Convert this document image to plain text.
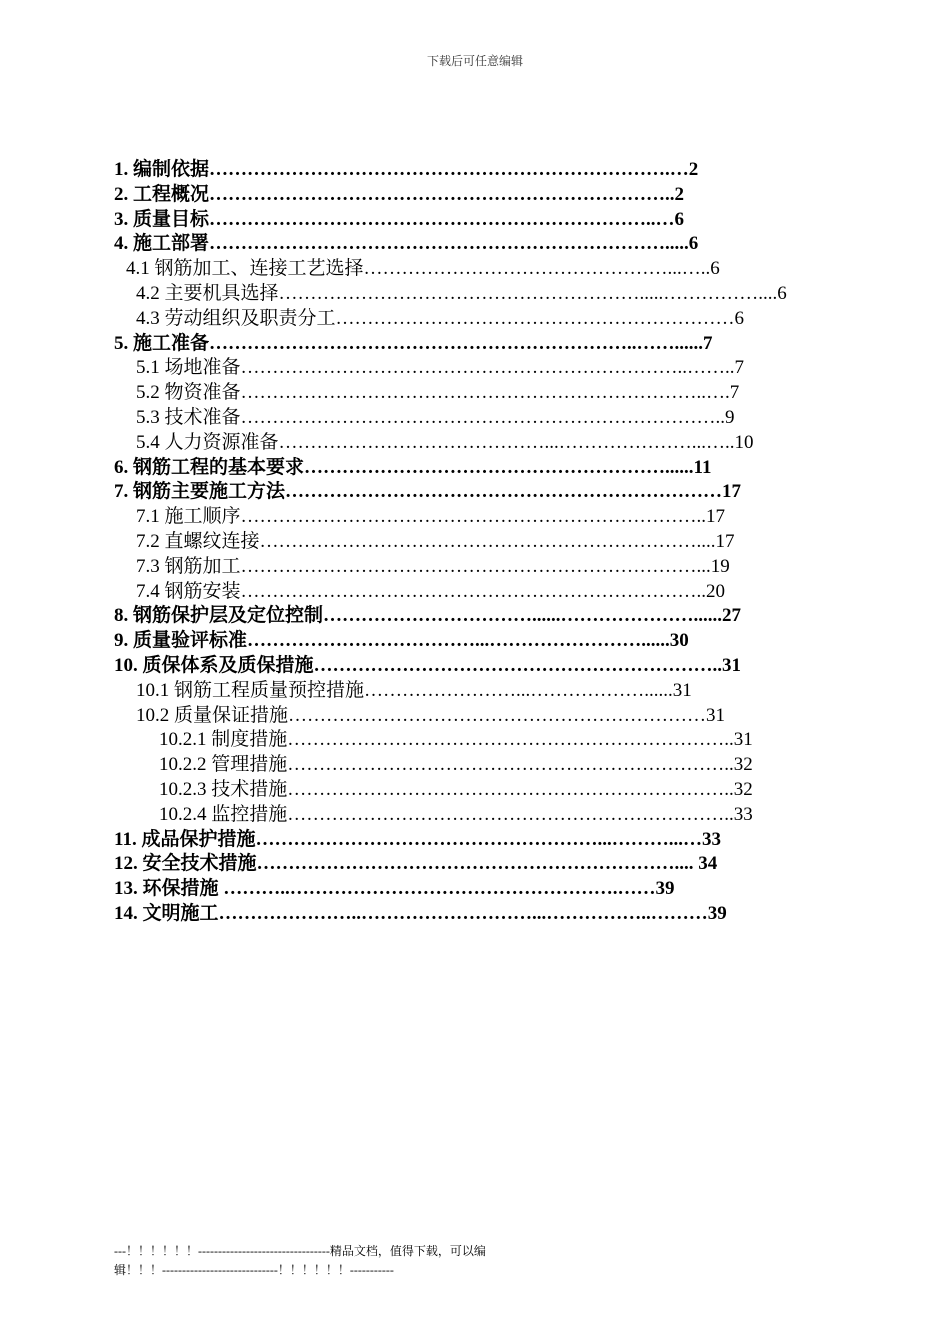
下载后可任意编辑
1. 编制依据……………………………………………………………….…2
2. 工程概况………………………………………………………………..2
3. 质量目标……………………………………………………………..…6
4. 施工部署……………………………………………………………….....6
4.1 钢筋加工、连接工艺选择…………………………………………...…..6
4.2 主要机具选择………………………………………………….....……………....6
4.3 劳动组织及职责分工………………………………………………………6
5. 施工准备…………………………………………………………..……......7
5.1 场地准备……………………………………………………………..……..7
5.2 物资准备………………………………………………………………..….7
5.3 技术准备…………………………………………………………………..9
5.4 人力资源准备……………………………………...…………………...…..10
6. 钢筋工程的基本要求…………………………………………………......11
7. 钢筋主要施工方法……………………………………………………………17
7.1 施工顺序………………………………………………………………..17
7.2 直螺纹连接……………………………………………………………....17
7.3 钢筋加工………………………………………………………………...19
7.4 钢筋安装………………………………………………………………..20
8. 钢筋保护层及定位控制……………………………......…………………......27
9. 质量验评标准………………………………...……………………......30
10. 质保体系及质保措施………………………………………………………..31
10.1 钢筋工程质量预控措施……………………...………………......31
10.2 质量保证措施…………………………………………………………31
10.2.1 制度措施……………………………………………………………..31
10.2.2 管理措施……………………………………………………………..32
10.2.3 技术措施……………………………………………………………..32
10.2.4 监控措施……………………………………………………………..33
11. 成品保护措施………………………………………………...………...…33
12. 安全技术措施………………………………………………………….... 34
13. 环保措施 ………..…………………………………………….……39
14. 文明施工…………………..………………………...……………..………39
---！！！！！！---------------------------------精品文档，值得下载，可以编
辑！！！-----------------------------！！！！！！-----------
